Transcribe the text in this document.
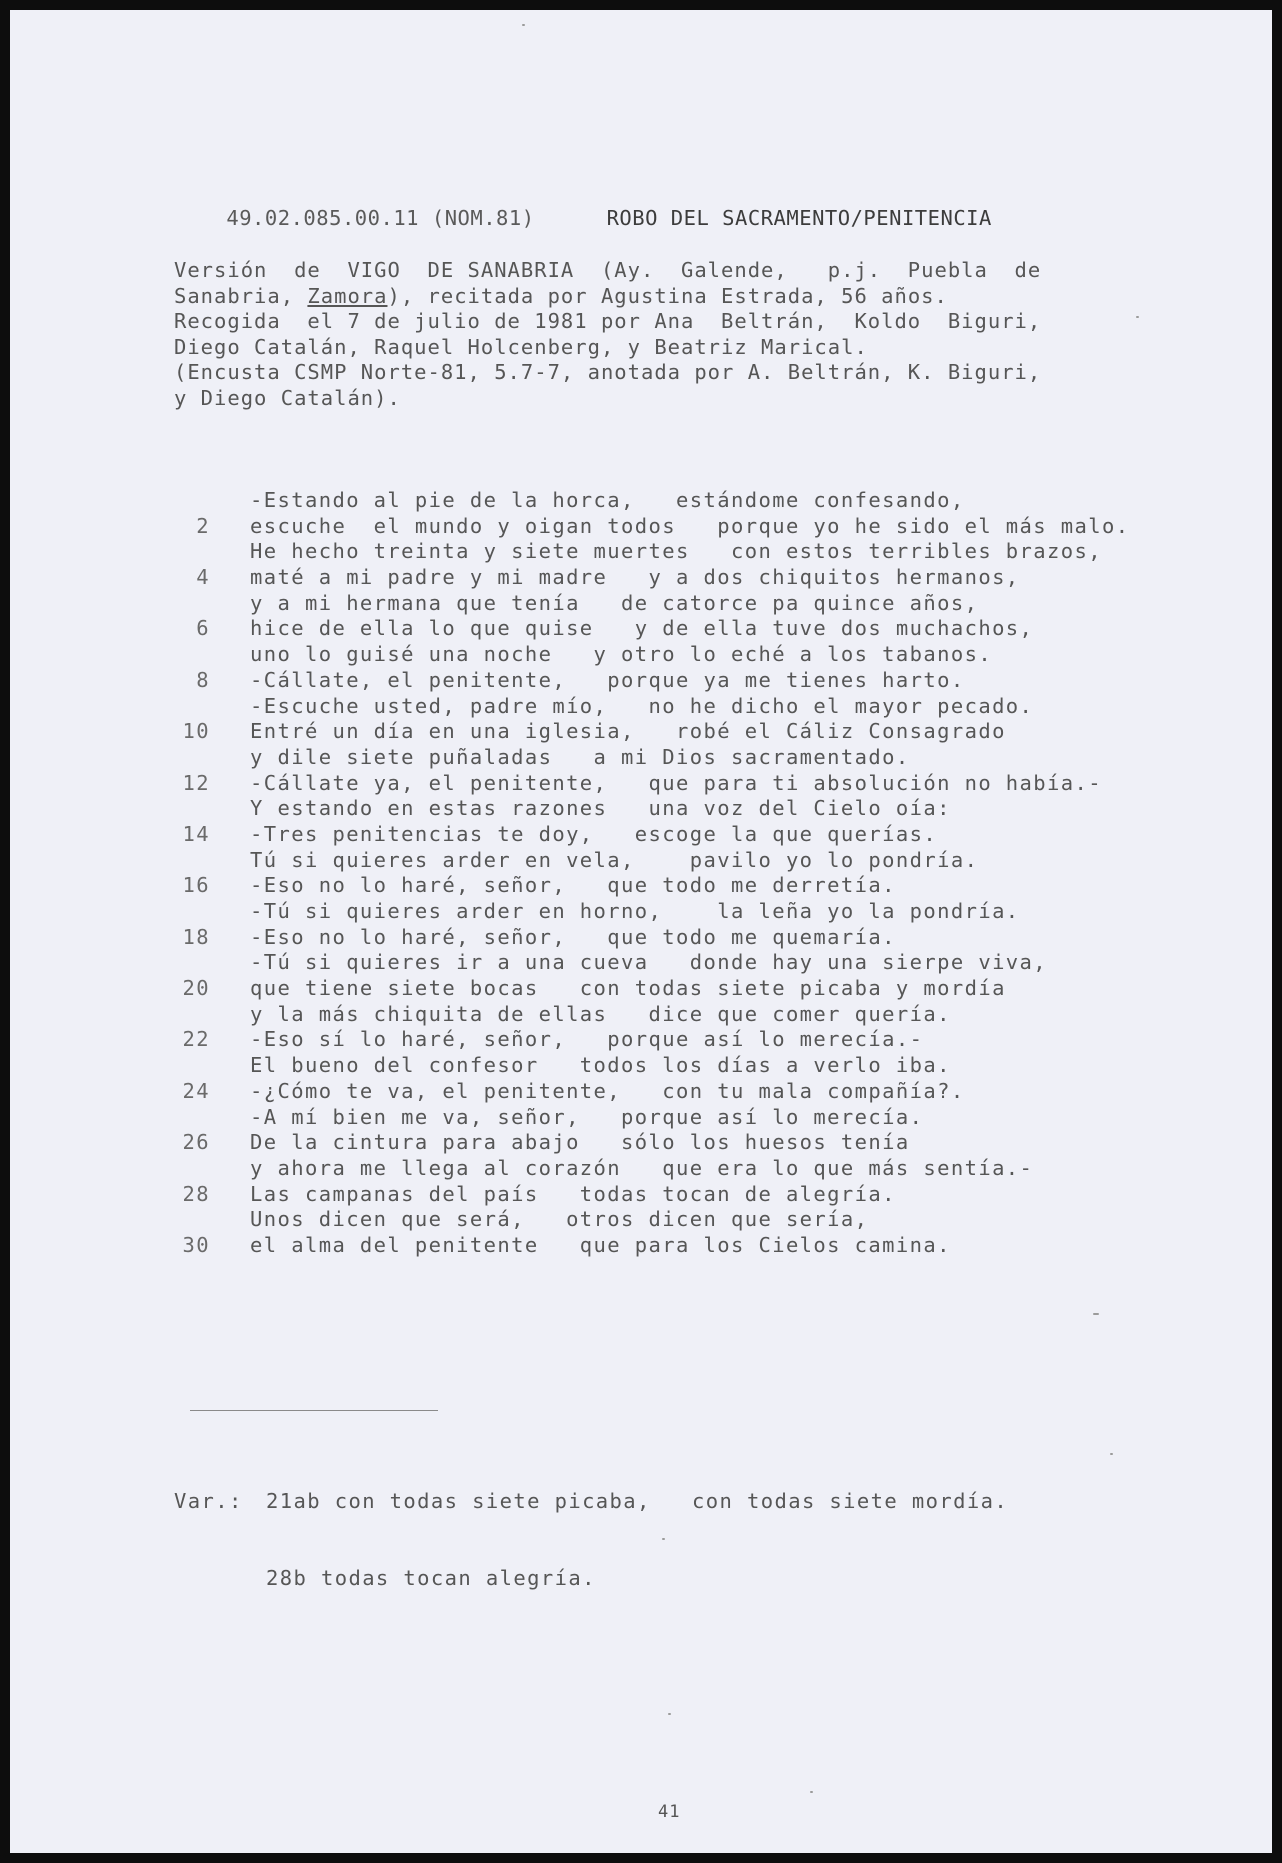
49.02.085.00.11 (NOM.81)	ROBO DEL SACRAMENTO/PENITENCIA

Versión  de  VIGO  DE SANABRIA  (Ay.  Galende,   p.j.  Puebla  de
Sanabria, Zamora), recitada por Agustina Estrada, 56 años.
Recogida  el 7 de julio de 1981 por Ana  Beltrán,  Koldo  Biguri,
Diego Catalán, Raquel Holcenberg, y Beatriz Marical.
(Encusta CSMP Norte-81, 5.7-7, anotada por A. Beltrán, K. Biguri,
y Diego Catalán).
-Estando al pie de la horca,   estándome confesando,
2 escuche  el mundo y oigan todos   porque yo he sido el más malo.
He hecho treinta y siete muertes   con estos terribles brazos,
4 maté a mi padre y mi madre   y a dos chiquitos hermanos,
y a mi hermana que tenía   de catorce pa quince años,
6 hice de ella lo que quise   y de ella tuve dos muchachos,
uno lo guisé una noche   y otro lo eché a los tabanos.
8 -Cállate, el penitente,   porque ya me tienes harto.
-Escuche usted, padre mío,   no he dicho el mayor pecado.
10 Entré un día en una iglesia,   robé el Cáliz Consagrado
y dile siete puñaladas   a mi Dios sacramentado.
12 -Cállate ya, el penitente,   que para ti absolución no había.-
Y estando en estas razones   una voz del Cielo oía:
14 -Tres penitencias te doy,   escoge la que querías.
Tú si quieres arder en vela,    pavilo yo lo pondría.
16 -Eso no lo haré, señor,   que todo me derretía.
-Tú si quieres arder en horno,    la leña yo la pondría.
18 -Eso no lo haré, señor,   que todo me quemaría.
-Tú si quieres ir a una cueva   donde hay una sierpe viva,
20 que tiene siete bocas   con todas siete picaba y mordía
y la más chiquita de ellas   dice que comer quería.
22 -Eso sí lo haré, señor,   porque así lo merecía.-
El bueno del confesor   todos los días a verlo iba.
24 -¿Cómo te va, el penitente,   con tu mala compañía?.
-A mí bien me va, señor,   porque así lo merecía.
26 De la cintura para abajo   sólo los huesos tenía
y ahora me llega al corazón   que era lo que más sentía.-
28 Las campanas del país   todas tocan de alegría.
Unos dicen que será,   otros dicen que sería,
30 el alma del penitente   que para los Cielos camina.

Var.: 21ab con todas siete picaba,   con todas siete mordía.

28b todas tocan alegría.

41
